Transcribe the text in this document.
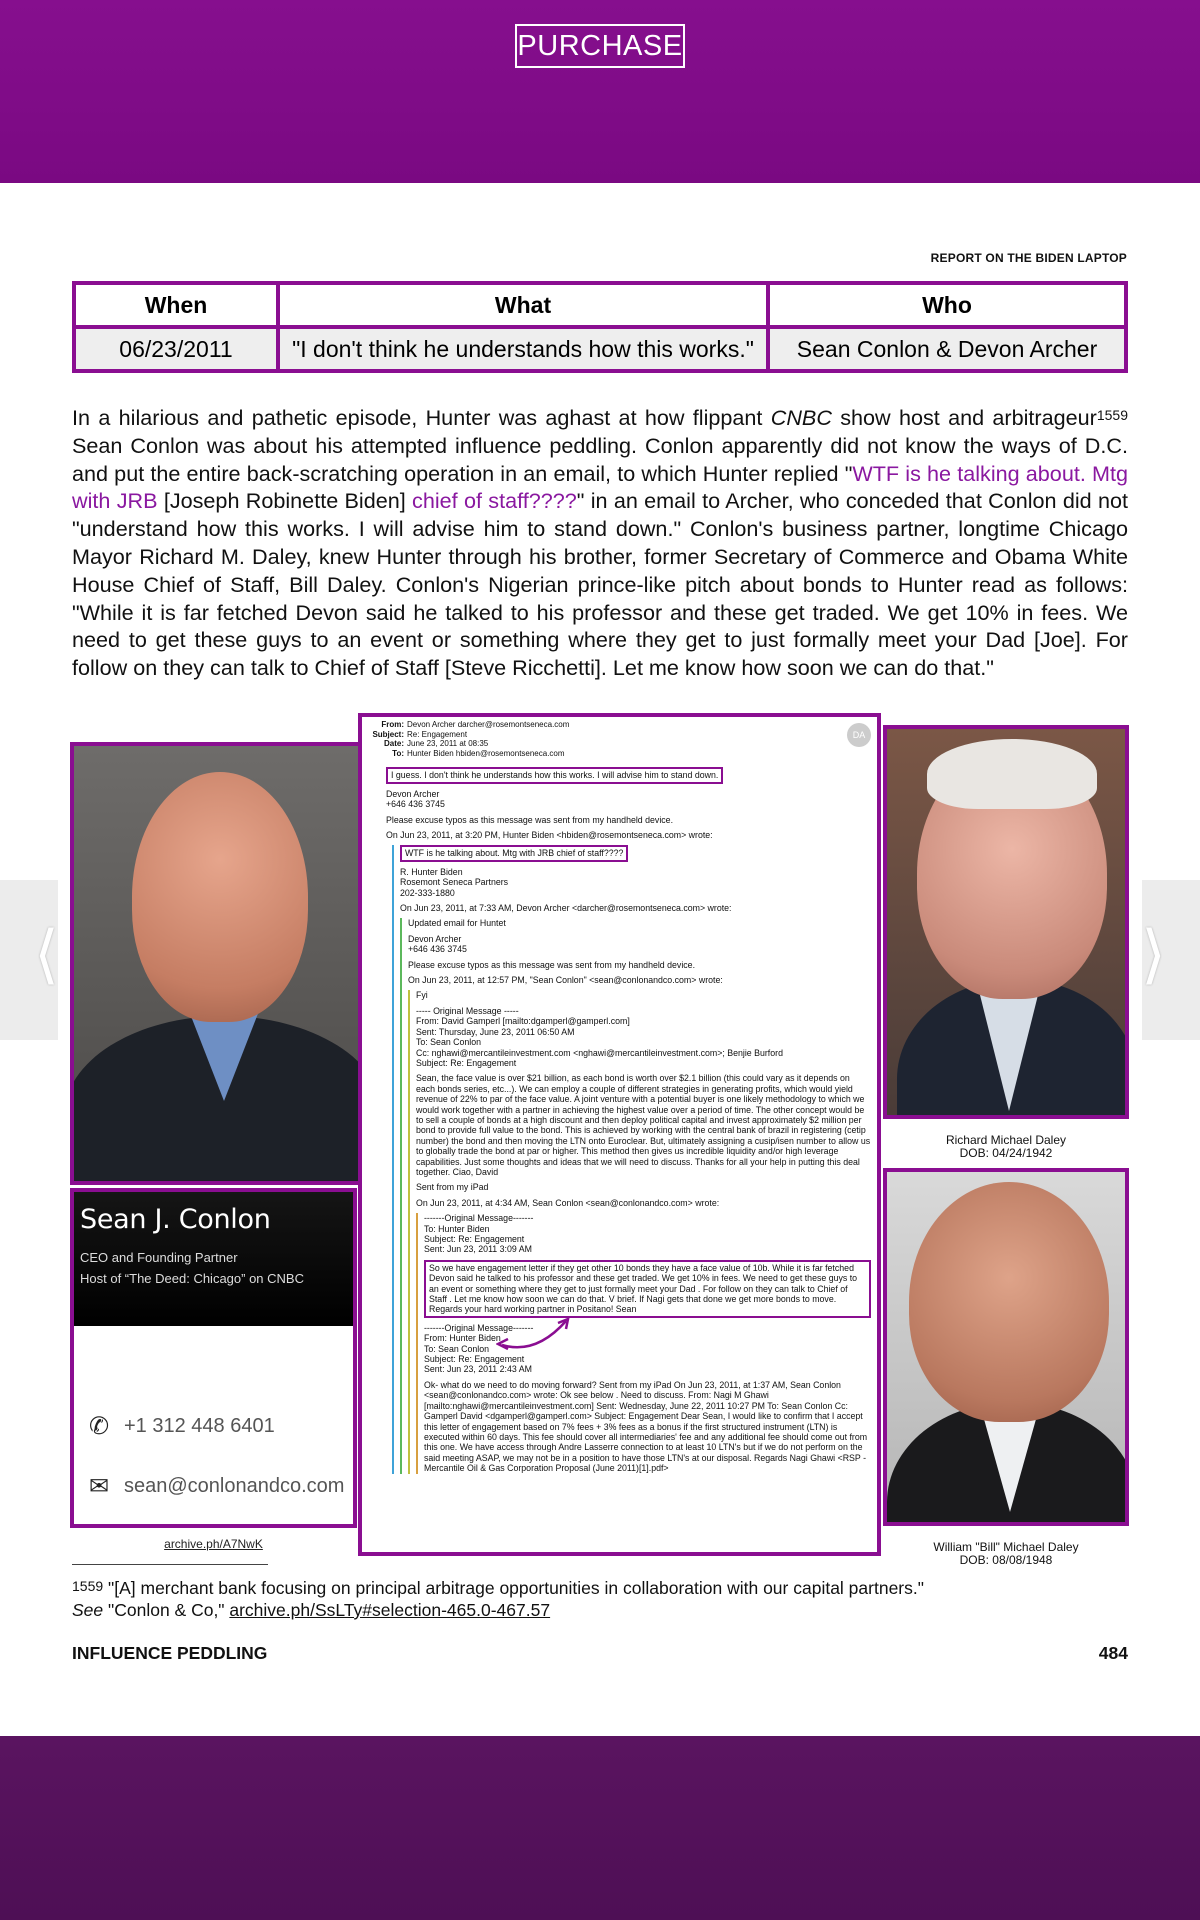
PURCHASE
REPORT ON THE BIDEN LAPTOP
When	What	Who
06/23/2011	"I don't think he understands how this works."	Sean Conlon & Devon Archer
In a hilarious and pathetic episode, Hunter was aghast at how flippant CNBC show host and arbitrageur$^{1559}$ Sean Conlon was about his attempted influence peddling. Conlon apparently did not know the ways of D.C. and put the entire back-scratching operation in an email, to which Hunter replied "WTF is he talking about. Mtg with JRB [Joseph Robinette Biden] chief of staff????" in an email to Archer, who conceded that Conlon did not "understand how this works. I will advise him to stand down." Conlon's business partner, longtime Chicago Mayor Richard M. Daley, knew Hunter through his brother, former Secretary of Commerce and Obama White House Chief of Staff, Bill Daley. Conlon's Nigerian prince-like pitch about bonds to Hunter read as follows: "While it is far fetched Devon said he talked to his professor and these get traded. We get 10% in fees. We need to get these guys to an event or something where they get to just formally meet your Dad [Joe]. For follow on they can talk to Chief of Staff [Steve Ricchetti]. Let me know how soon we can do that."
Sean J. Conlon
CEO and Founding Partner
Host of “The Deed: Chicago” on CNBC
✆ +1 312 448 6401
✉ sean@conlonandco.com
archive.ph/A7NwK
DA
From: Devon Archer darcher@rosemontseneca.com
Subject: Re: Engagement
Date: June 23, 2011 at 08:35
To: Hunter Biden hbiden@rosemontseneca.com
I guess. I don't think he understands how this works. I will advise him to stand down.
Devon Archer
+646 436 3745
Please excuse typos as this message was sent from my handheld device.
On Jun 23, 2011, at 3:20 PM, Hunter Biden <hbiden@rosemontseneca.com> wrote:
WTF is he talking about. Mtg with JRB chief of staff????
R. Hunter Biden
Rosemont Seneca Partners
202-333-1880
On Jun 23, 2011, at 7:33 AM, Devon Archer <darcher@rosemontseneca.com> wrote:
Updated email for Huntet
Devon Archer
+646 436 3745
Please excuse typos as this message was sent from my handheld device.
On Jun 23, 2011, at 12:57 PM, "Sean Conlon" <sean@conlonandco.com> wrote:
Fyi
----- Original Message -----
From: David Gamperl [mailto:dgamperl@gamperl.com]
Sent: Thursday, June 23, 2011 06:50 AM
To: Sean Conlon
Cc: nghawi@mercantileinvestment.com <nghawi@mercantileinvestment.com>; Benjie Burford
Subject: Re: Engagement
Sean, the face value is over $21 billion, as each bond is worth over $2.1 billion (this could vary as it depends on each bonds series, etc...). We can employ a couple of different strategies in generating profits, which would yield revenue of 22% to par of the face value. A joint venture with a potential buyer is one likely methodology to which we would work together with a partner in achieving the highest value over a period of time. The other concept would be to sell a couple of bonds at a high discount and then deploy political capital and invest approximately $2 million per bond to provide full value to the bond. This is achieved by working with the central bank of brazil in registering (cetip number) the bond and then moving the LTN onto Euroclear. But, ultimately assigning a cusip/isen number to allow us to globally trade the bond at par or higher. This method then gives us incredible liquidity and/or high leverage capabilities. Just some thoughts and ideas that we will need to discuss. Thanks for all your help in putting this deal together. Ciao, David
Sent from my iPad
On Jun 23, 2011, at 4:34 AM, Sean Conlon <sean@conlonandco.com> wrote:
-------Original Message-------
To: Hunter Biden
Subject: Re: Engagement
Sent: Jun 23, 2011 3:09 AM
So we have engagement letter if they get other 10 bonds they have a face value of 10b. While it is far fetched Devon said he talked to his professor and these get traded. We get 10% in fees. We need to get these guys to an event or something where they get to just formally meet your Dad . For follow on they can talk to Chief of Staff . Let me know how soon we can do that. V brief. If Nagi gets that done we get more bonds to move. Regards your hard working partner in Positano! Sean
-------Original Message-------
From: Hunter Biden
To: Sean Conlon
Subject: Re: Engagement
Sent: Jun 23, 2011 2:43 AM
Ok- what do we need to do moving forward? Sent from my iPad On Jun 23, 2011, at 1:37 AM, Sean Conlon <sean@conlonandco.com> wrote: Ok see below . Need to discuss. From: Nagi M Ghawi [mailto:nghawi@mercantileinvestment.com] Sent: Wednesday, June 22, 2011 10:27 PM To: Sean Conlon Cc: Gamperl David <dgamperl@gamperl.com> Subject: Engagement Dear Sean, I would like to confirm that I accept this letter of engagement based on 7% fees + 3% fees as a bonus if the first structured instrument (LTN) is executed within 60 days. This fee should cover all intermediaries' fee and any additional fee should come out from this one. We have access through Andre Lasserre connection to at least 10 LTN's but if we do not perform on the said meeting ASAP, we may not be in a position to have those LTN's at our disposal. Regards Nagi Ghawi <RSP - Mercantile Oil & Gas Corporation Proposal (June 2011)[1].pdf>
Richard Michael Daley
DOB: 04/24/1942
William "Bill" Michael Daley
DOB: 08/08/1948
$^{1559}$ "[A] merchant bank focusing on principal arbitrage opportunities in collaboration with our capital partners."
See "Conlon & Co," archive.ph/SsLTy#selection-465.0-467.57
INFLUENCE PEDDLING	484
⟨	⟩
